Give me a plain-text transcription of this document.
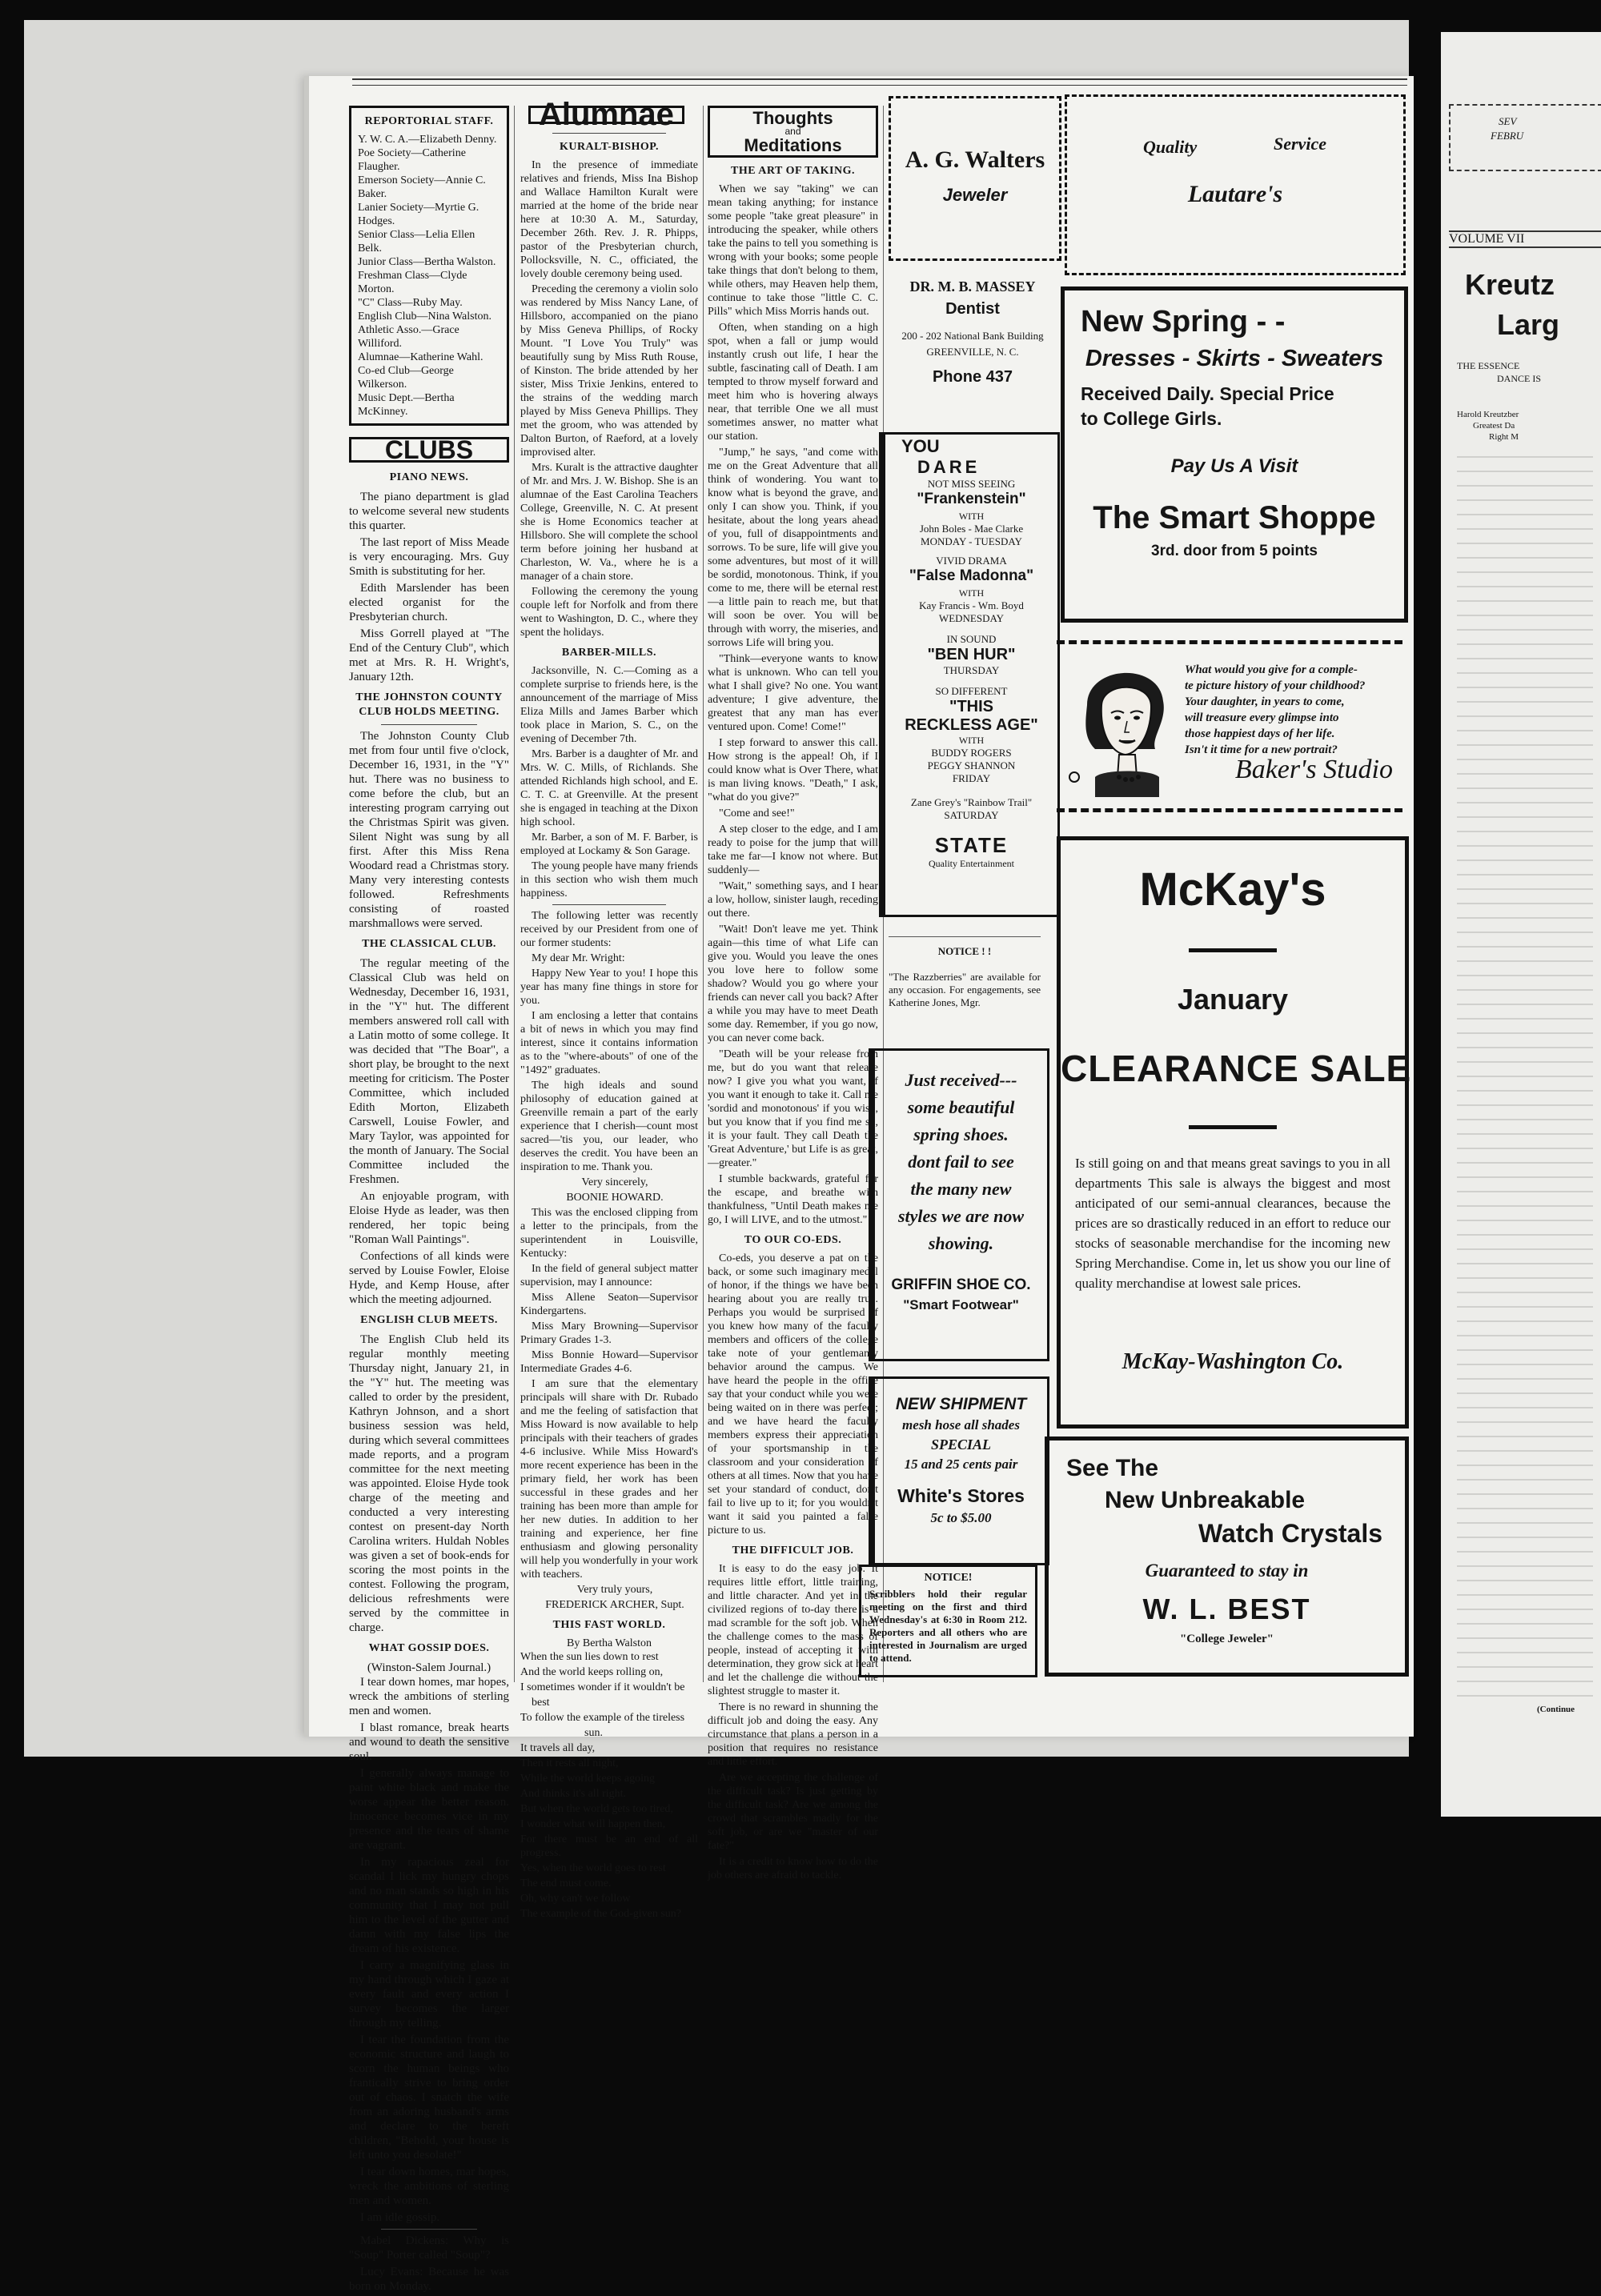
SEV
FEBRU
VOLUME VII
Kreutz
Larg
THE ESSENCE
DANCE IS
Harold Kreutzber
Greatest Da
Right M
(Continue
REPORTORIAL STAFF.

Y. W. C. A.—Elizabeth Denny.

Poe Society—Catherine Flaugher.

Emerson Society—Annie C. Baker.

Lanier Society—Myrtie G. Hodges.

Senior Class—Lelia Ellen Belk.

Junior Class—Bertha Walston.

Freshman Class—Clyde Morton.

"C" Class—Ruby May.

English Club—Nina Walston.

Athletic Asso.—Grace Williford.

Alumnae—Katherine Wahl.

Co-ed Club—George Wilkerson.

Music Dept.—Bertha McKinney.

CLUBS
PIANO NEWS.

The piano department is glad to welcome several new students this quarter.

The last report of Miss Meade is very encouraging. Mrs. Guy Smith is substituting for her.

Edith Marslender has been elected organist for the Presbyterian church.

Miss Gorrell played at "The End of the Century Club", which met at Mrs. R. H. Wright's, January 12th.

THE JOHNSTON COUNTY CLUB HOLDS MEETING.

The Johnston County Club met from four until five o'clock, December 16, 1931, in the "Y" hut. There was no business to come before the club, but an interesting program carrying out the Christmas Spirit was given. Silent Night was sung by all first. After this Miss Rena Woodard read a Christmas story. Many very interesting contests followed. Refreshments consisting of roasted marshmallows were served.

THE CLASSICAL CLUB.

The regular meeting of the Classical Club was held on Wednesday, December 16, 1931, in the "Y" hut. The different members answered roll call with a Latin motto of some college. It was decided that "The Boar", a short play, be brought to the next meeting for criticism. The Poster Committee, which included Edith Morton, Elizabeth Carswell, Louise Fowler, and Mary Taylor, was appointed for the month of January. The Social Committee included the Freshmen.

An enjoyable program, with Eloise Hyde as leader, was then rendered, her topic being "Roman Wall Paintings".

Confections of all kinds were served by Louise Fowler, Eloise Hyde, and Kemp House, after which the meeting adjourned.

ENGLISH CLUB MEETS.

The English Club held its regular monthly meeting Thursday night, January 21, in the "Y" hut. The meeting was called to order by the president, Kathryn Johnson, and a short business session was held, during which several committees made reports, and a program committee for the next meeting was appointed. Eloise Hyde took charge of the meeting and conducted a very interesting contest on present-day North Carolina writers. Huldah Nobles was given a set of book-ends for scoring the most points in the contest. Following the program, delicious refreshments were served by the committee in charge.

WHAT GOSSIP DOES.
(Winston-Salem Journal.)

I tear down homes, mar hopes, wreck the ambitions of sterling men and women.

I blast romance, break hearts and wound to death the sensitive soul.

I generally always manage to paint white black and make the worse appear the better reason. Innocence becomes vice in my presence and the tears of shame are vagrant.

In my rapacious zeal for scandal I lick my hungry chops and no man stands so high in his community that I may not pull him to the level of the gutter and damn with my false lips the dream of his existence.

I carry a magnifying glass in my hand through which I gaze at every fault and every action I survey becomes the larger through my telling.

I tear the foundation from the economic structure and laugh to scorn the human beings who frantically strive to bring order out of chaos. I snatch the wife from an adoring husband's arms and declare to the bereft children, "Behold, your house is left unto you desolate!"

I tear down homes, mar hopes, wreck the ambitions of sterling men and women.

I am idle gossip.

Mabel Dickens: Why is "Soup" Porter called "Soup"?

Lucy Evans: Because he was born on Monday.

Alumnae
KURALT-BISHOP.

In the presence of immediate relatives and friends, Miss Ina Bishop and Wallace Hamilton Kuralt were married at the home of the bride near here at 10:30 A. M., Saturday, December 26th. Rev. J. R. Phipps, pastor of the Presbyterian church, Pollocksville, N. C., officiated, the lovely double ceremony being used.

Preceding the ceremony a violin solo was rendered by Miss Nancy Lane, of Hillsboro, accompanied on the piano by Miss Geneva Phillips, of Rocky Mount. "I Love You Truly" was beautifully sung by Miss Ruth Rouse, of Kinston. The bride attended by her sister, Miss Trixie Jenkins, entered to the strains of the wedding march played by Miss Geneva Phillips. They met the groom, who was attended by Dalton Burton, of Raeford, at a lovely improvised alter.

Mrs. Kuralt is the attractive daughter of Mr. and Mrs. J. W. Bishop. She is an alumnae of the East Carolina Teachers College, Greenville, N. C. At present she is Home Economics teacher at Hillsboro. She will complete the school term before joining her husband at Charleston, W. Va., where he is a manager of a chain store.

Following the ceremony the young couple left for Norfolk and from there went to Washington, D. C., where they spent the holidays.

BARBER-MILLS.

Jacksonville, N. C.—Coming as a complete surprise to friends here, is the announcement of the marriage of Miss Eliza Mills and James Barber which took place in Marion, S. C., on the evening of December 7th.

Mrs. Barber is a daughter of Mr. and Mrs. W. C. Mills, of Richlands. She attended Richlands high school, and E. C. T. C. at Greenville. At the present she is engaged in teaching at the Dixon high school.

Mr. Barber, a son of M. F. Barber, is employed at Lockamy & Son Garage.

The young people have many friends in this section who wish them much happiness.

The following letter was recently received by our President from one of our former students:

My dear Mr. Wright:

Happy New Year to you! I hope this year has many fine things in store for you.

I am enclosing a letter that contains a bit of news in which you may find interest, since it contains information as to the "where-abouts" of one of the "1492" graduates.

The high ideals and sound philosophy of education gained at Greenville remain a part of the early experience that I cherish—count most sacred—'tis you, our leader, who deserves the credit. You have been an inspiration to me. Thank you.

Very sincerely,

BOONIE HOWARD.

This was the enclosed clipping from a letter to the principals, from the superintendent in Louisville, Kentucky:

In the field of general subject matter supervision, may I announce:

Miss Allene Seaton—Supervisor Kindergartens.

Miss Mary Browning—Supervisor Primary Grades 1-3.

Miss Bonnie Howard—Supervisor Intermediate Grades 4-6.

I am sure that the elementary principals will share with Dr. Rubado and me the feeling of satisfaction that Miss Howard is now available to help principals with their teachers of grades 4-6 inclusive. While Miss Howard's more recent experience has been in the primary field, her work has been successful in these grades and her training has been more than ample for her new duties. In addition to her training and experience, her fine enthusiasm and glowing personality will help you wonderfully in your work with teachers.

Very truly yours,

FREDERICK ARCHER, Supt.

THIS FAST WORLD.
By Bertha Walston

When the sun lies down to rest

And the world keeps rolling on,

I sometimes wonder if it wouldn't be

best

To follow the example of the tireless

sun.

It travels all day,

Then it rests all night,

While the world keeps agoing

And thinks it's all right.

But when the world gets too tired,

I wonder what will happen then,

For there must be an end of all progress.

Yes, when the world goes to rest

The end must come.

Oh, why can't we follow

The example of the God-given sun?

Thoughts
and
Meditations
THE ART OF TAKING.

When we say "taking" we can mean taking anything; for instance some people "take great pleasure" in introducing the speaker, while others take the pains to tell you something is wrong with your books; some people take things that don't belong to them, while others, may Heaven help them, continue to take those "little C. C. Pills" which Miss Morris hands out.

Often, when standing on a high spot, when a fall or jump would instantly crush out life, I hear the subtle, fascinating call of Death. I am tempted to throw myself forward and meet him who is hovering always near, that terrible One we all must sometimes answer, no matter what our station.

"Jump," he says, "and come with me on the Great Adventure that all think of wondering. You want to know what is beyond the grave, and only I can show you. Think, if you hesitate, about the long years ahead of you, full of disappointments and sorrows. To be sure, life will give you some adventures, but most of it will be sordid, monotonous. Think, if you come to me, there will be eternal rest—a little pain to reach me, but that will soon be over. You will be through with worry, the miseries, and sorrows Life will bring you.

"Think—everyone wants to know what is unknown. Who can tell you what I shall give? No one. You want adventure; I give adventure, the greatest that any man has ever ventured upon. Come! Come!"

I step forward to answer this call. How strong is the appeal! Oh, if I could know what is Over There, what is man living knows. "Death," I ask, "what do you give?"

"Come and see!"

A step closer to the edge, and I am ready to poise for the jump that will take me far—I know not where. But suddenly—

"Wait," something says, and I hear a low, hollow, sinister laugh, receding out there.

"Wait! Don't leave me yet. Think again—this time of what Life can give you. Would you leave the ones you love here to follow some shadow? Would you go where your friends can never call you back? After a while you may have to meet Death some day. Remember, if you go now, you can never come back.

"Death will be your release from me, but do you want that release now? I give you what you want, if you want it enough to take it. Call me 'sordid and monotonous' if you wish, but you know that if you find me so, it is your fault. They call Death the 'Great Adventure,' but Life is as great,—greater."

I stumble backwards, grateful for the escape, and breathe with thankfulness, "Until Death makes me go, I will LIVE, and to the utmost."

TO OUR CO-EDS.

Co-eds, you deserve a pat on the back, or some such imaginary medal of honor, if the things we have been hearing about you are really true. Perhaps you would be surprised if you knew how many of the faculty members and officers of the college take note of your gentlemanly behavior around the campus. We have heard the people in the office say that your conduct while you were being waited on in there was perfect; and we have heard the faculty members express their appreciation of your sportsmanship in the classroom and your consideration of others at all times. Now that you have set your standard of conduct, don't fail to live up to it; for you wouldn't want it said you painted a false picture to us.

THE DIFFICULT JOB.

It is easy to do the easy job. It requires little effort, little training, and little character. And yet in the civilized regions of to-day there is a mad scramble for the soft job. When the challenge comes to the mass of people, instead of accepting it with determination, they grow sick at heart and let the challenge die without the slightest struggle to master it.

There is no reward in shunning the difficult job and doing the easy. Any circumstance that plans a person in a position that requires no resistance and little effort.

Are we accepting the challenge of the difficult task? Is just getting by the difficult task? Are we among the crowd that scrambles madly for the soft job, or are we "master of our fate?"

It is a credit to know how to do the job others are afraid to tackle.

A. G. Walters
Jeweler
DR. M. B. MASSEY
Dentist
200 - 202 National Bank Building
GREENVILLE, N. C.
Phone 437
YOU
DARE
NOT MISS SEEING
"Frankenstein"
WITH
John Boles - Mae Clarke
MONDAY - TUESDAY
VIVID DRAMA
"False Madonna"
WITH
Kay Francis - Wm. Boyd
WEDNESDAY
IN SOUND
"BEN HUR"
THURSDAY
SO DIFFERENT
"THIS
RECKLESS AGE"
WITH
BUDDY ROGERS
PEGGY SHANNON
FRIDAY
Zane Grey's "Rainbow Trail"
SATURDAY
STATE
Quality Entertainment
NOTICE ! !
"The Razzberries" are available for any occasion. For engagements, see Katherine Jones, Mgr.
Just received---
some beautiful
spring shoes.
dont fail to see
the many new
styles we are now
showing.
GRIFFIN SHOE CO.
"Smart Footwear"
NEW SHIPMENT
mesh hose all shades
SPECIAL
15 and 25 cents pair
White's Stores
5c to $5.00
NOTICE!
Scribblers hold their regular meeting on the first and third Wednesday's at 6:30 in Room 212. Reporters and all others who are interested in Journalism are urged to attend.
Quality	Service
Lautare's
New Spring - -
Dresses - Skirts - Sweaters
Received Daily. Special Price
to College Girls.
Pay Us A Visit
The Smart Shoppe
3rd. door from 5 points
What would you give for a comple-
te picture history of your childhood?
Your daughter, in years to come,
will treasure every glimpse into
those happiest days of her life.
Isn't it time for a new portrait?
Baker's Studio
McKay's
January
CLEARANCE SALE
Is still going on and that means great savings to you in all departments This sale is always the biggest and most anticipated of our semi-annual clearances, because the prices are so drastically reduced in an effort to reduce our stocks of seasonable merchandise for the incoming new Spring Merchandise. Come in, let us show you our line of quality merchandise at lowest sale prices.
McKay-Washington Co.
See The
New Unbreakable
Watch Crystals
Guaranteed to stay in
W. L. BEST
"College Jeweler"
